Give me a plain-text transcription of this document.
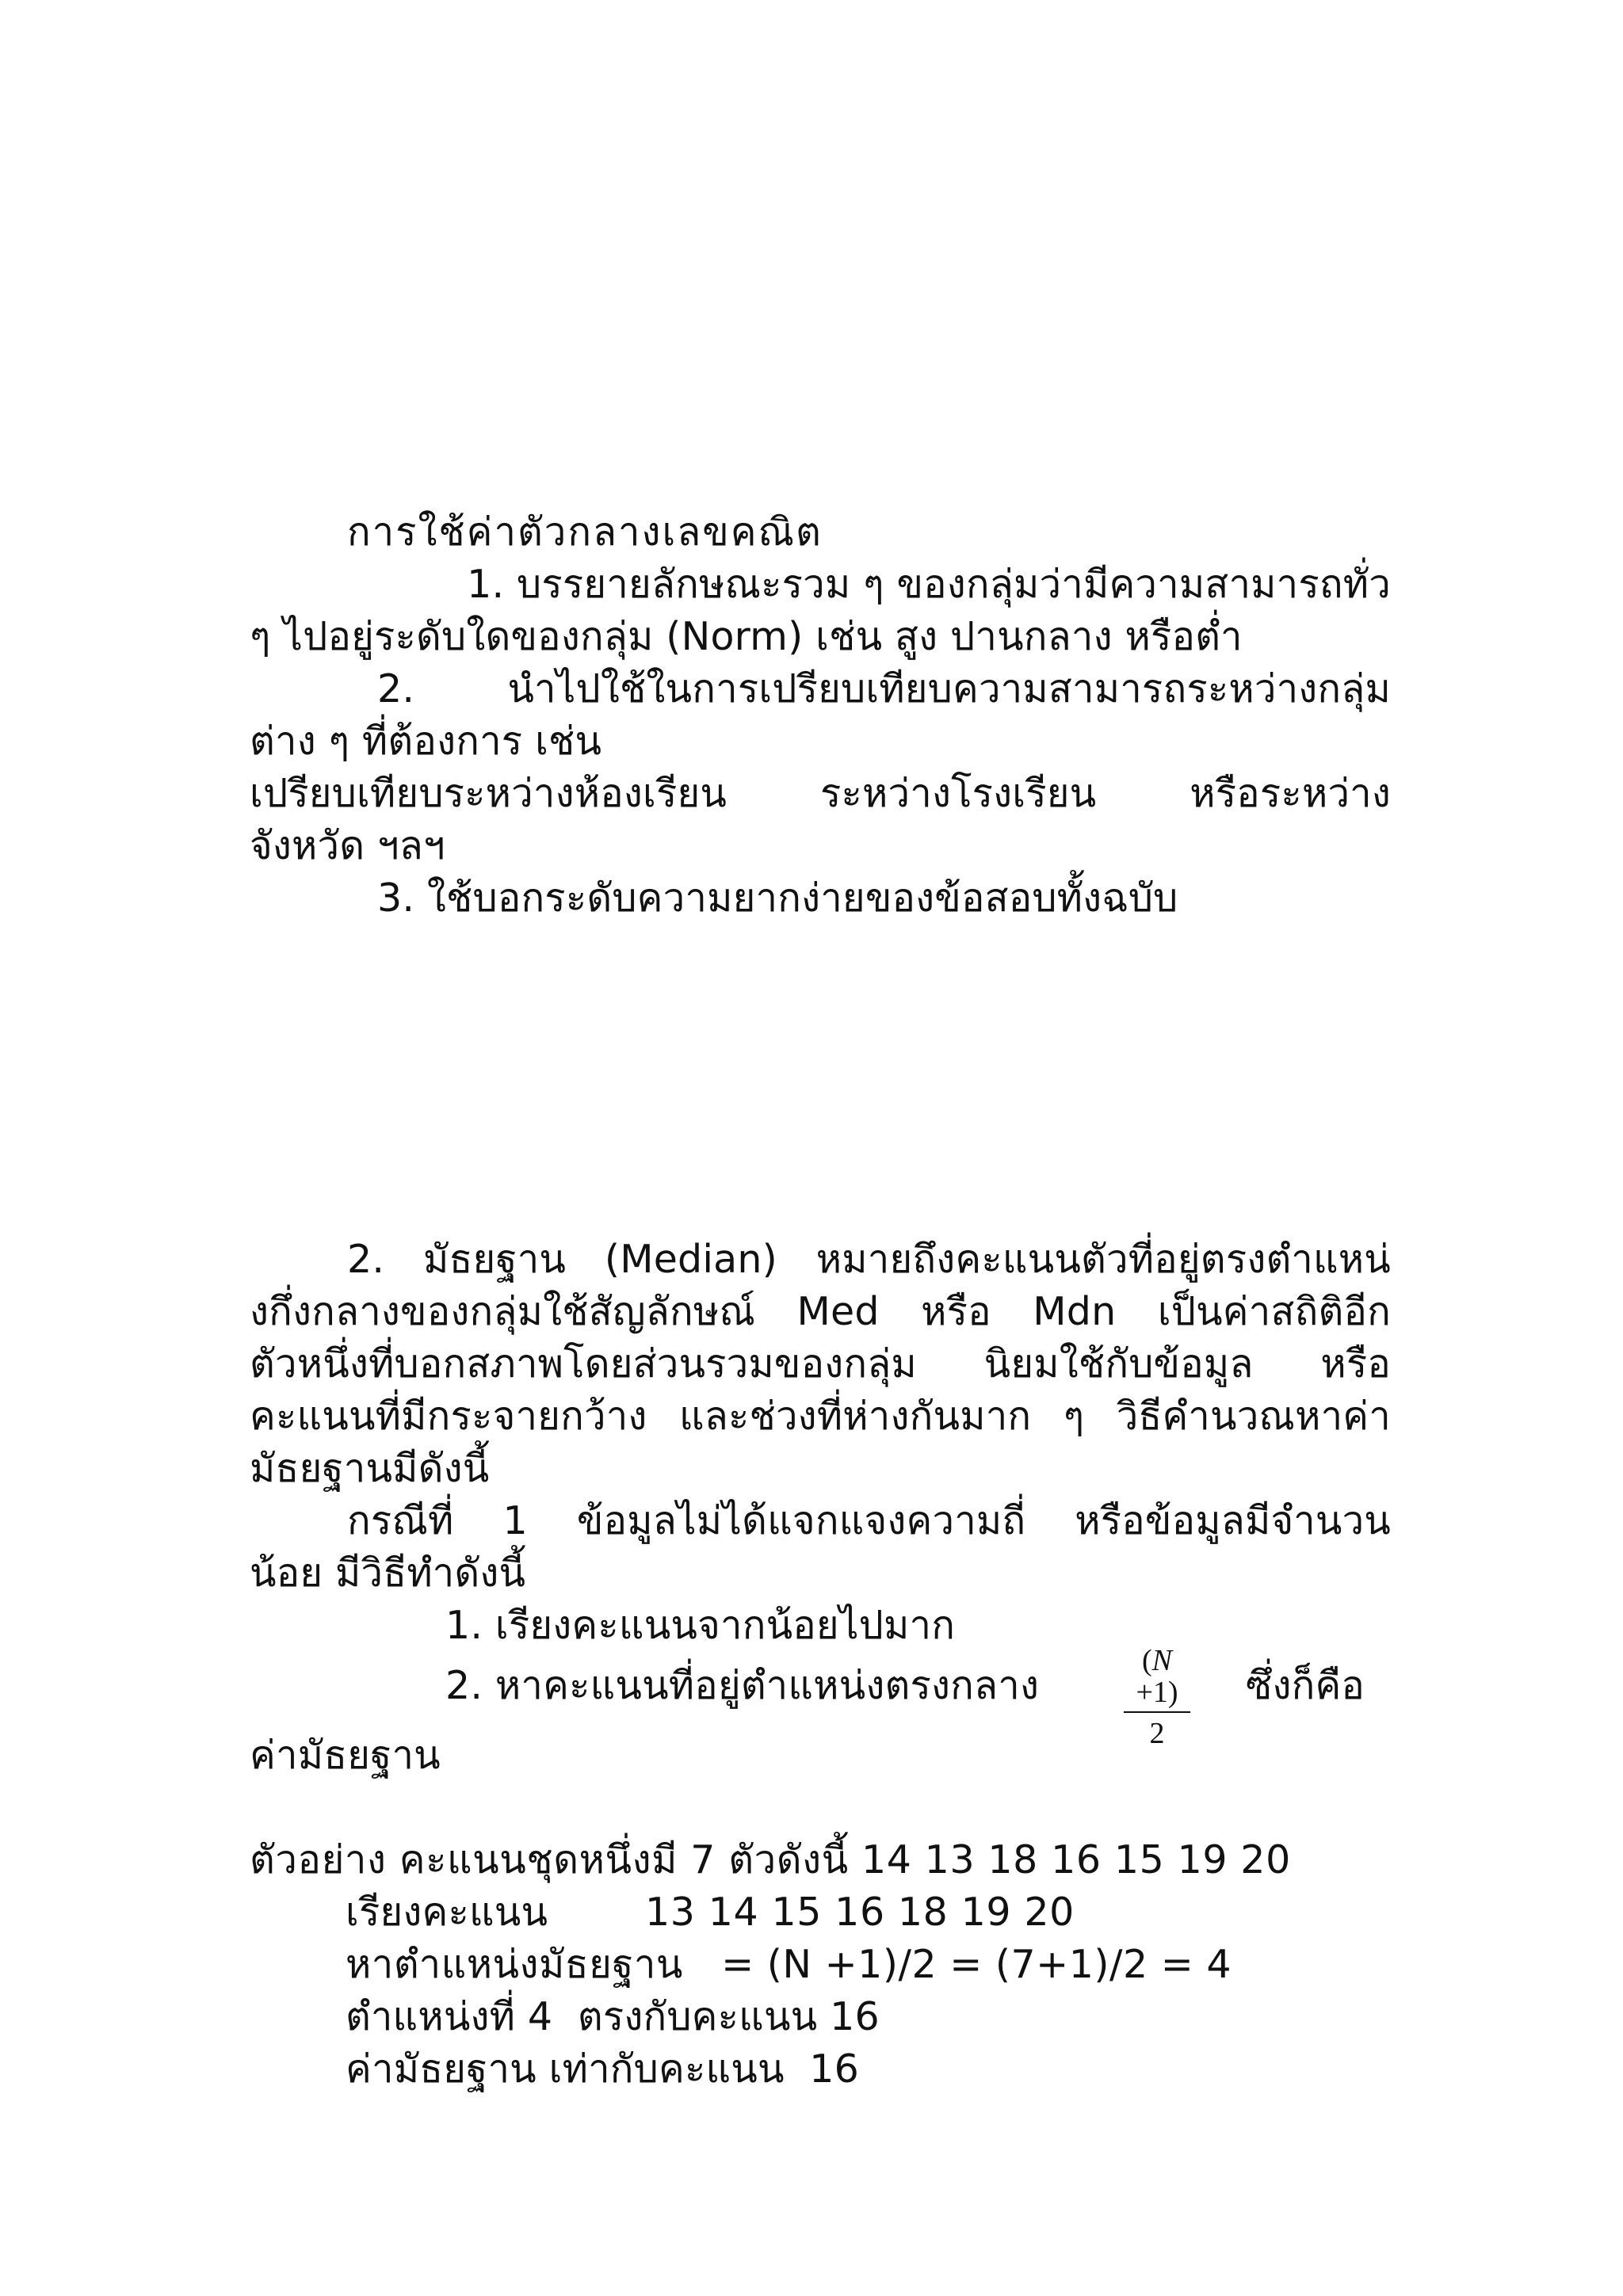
การใช้ค่าตัวกลางเลขคณิต
1. บรรยายลักษณะรวม ๆ ของกลุ่มว่ามีความสามารถทั่ว
ๆ ไปอยู่ระดับใดของกลุ่ม (Norm) เช่น สูง ปานกลาง หรือต่ำ
2. นำไปใช้ในการเปรียบเทียบความสามารถระหว่างกลุ่ม
ต่าง ๆ ที่ต้องการ เช่น
เปรียบเทียบระหว่างห้องเรียน ระหว่างโรงเรียน หรือระหว่าง
จังหวัด ฯลฯ
3. ใช้บอกระดับความยากง่ายของข้อสอบทั้งฉบับ
2. มัธยฐาน (Median) หมายถึงคะแนนตัวที่อยู่ตรงตำแหน่
งกึ่งกลางของกลุ่มใช้สัญลักษณ์ Med หรือ Mdn เป็นค่าสถิติอีก
ตัวหนึ่งที่บอกสภาพโดยส่วนรวมของกลุ่ม นิยมใช้กับข้อมูล หรือ
คะแนนที่มีกระจายกว้าง และช่วงที่ห่างกันมาก ๆ วิธีคำนวณหาค่า
มัธยฐานมีดังนี้
กรณีที่ 1 ข้อมูลไม่ได้แจกแจงความถี่ หรือข้อมูลมีจำนวน
น้อย มีวิธีทำดังนี้
1. เรียงคะแนนจากน้อยไปมาก
2. หาคะแนนที่อยู่ตำแหน่งตรงกลาง	$\frac{(N +1)}{2}$ ซึ่งก็คือ
ค่ามัธยฐาน
ตัวอย่าง คะแนนชุดหนึ่งมี 7 ตัวดังนี้ 14 13 18 16 15 19 20
เรียงคะแนน	13 14 15 16 18 19 20
หาตำแหน่งมัธยฐาน   = (N +1)/2 = (7+1)/2 = 4
ตำแหน่งที่ 4  ตรงกับคะแนน 16
ค่ามัธยฐาน เท่ากับคะแนน  16
